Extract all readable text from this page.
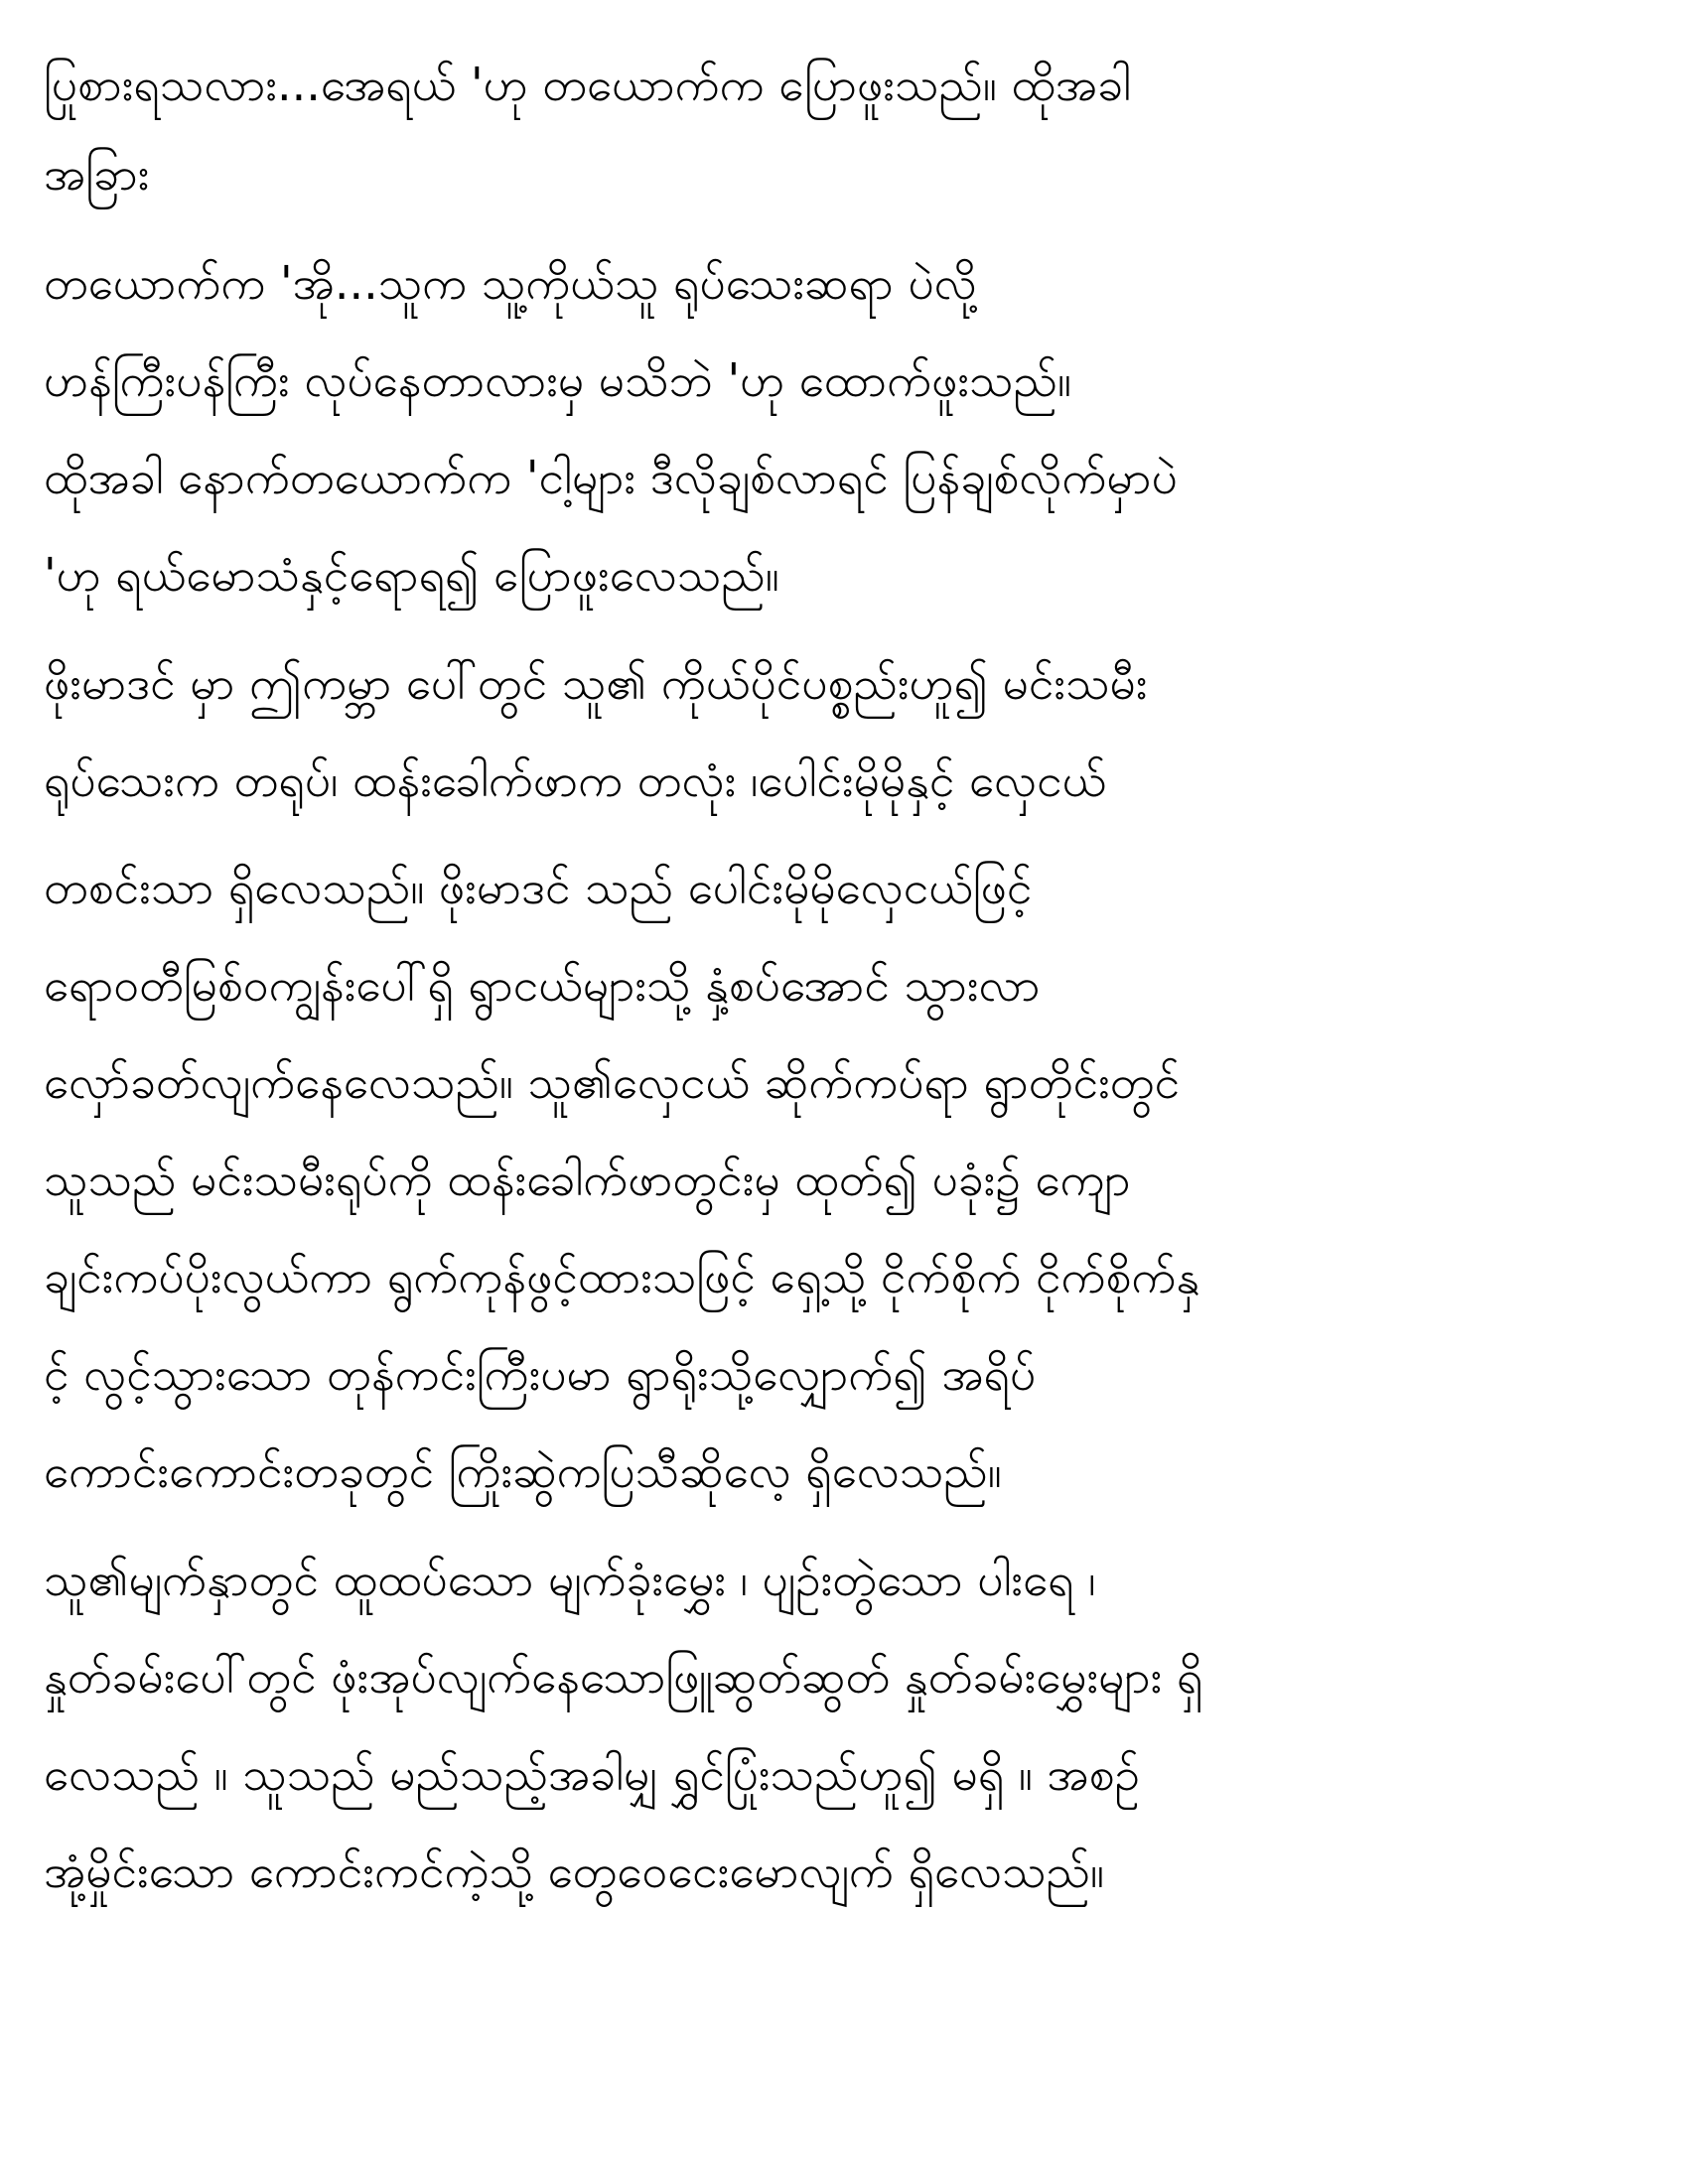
ပြုစားရသလား...အေရယ် 'ဟု တယောက်က ပြောဖူးသည်။ ထိုအခါ
အခြား
တယောက်က 'အို...သူက သူ့ကိုယ်သူ ရုပ်သေးဆရာ ပဲလို့
ဟန်ကြီးပန်ကြီး လုပ်နေတာလားမှ မသိဘဲ 'ဟု ထောက်ဖူးသည်။
ထိုအခါ နောက်တယောက်က 'ငါ့များ ဒီလိုချစ်လာရင် ပြန်ချစ်လိုက်မှာပဲ
'ဟု ရယ်မောသံနှင့်ရောရ၍ ပြောဖူးလေသည်။
ဖိုးမာဒင် မှာ ဤကမ္ဘာ ပေါ်တွင် သူ၏ ကိုယ်ပိုင်ပစ္စည်းဟူ၍ မင်းသမီး
ရုပ်သေးက တရုပ်၊ ထန်းခေါက်ဖာက တလုံး ၊ပေါင်းမိုမိုနှင့် လှေငယ်
တစင်းသာ ရှိလေသည်။ ဖိုးမာဒင် သည် ပေါင်းမိုမိုလှေငယ်ဖြင့်
ရောဝတီမြစ်ဝကျွန်းပေါ်ရှိ ရွာငယ်များသို့ နှံ့စပ်အောင် သွားလာ
လှော်ခတ်လျက်နေလေသည်။ သူ၏လှေငယ် ဆိုက်ကပ်ရာ ရွာတိုင်းတွင်
သူသည် မင်းသမီးရုပ်ကို ထန်းခေါက်ဖာတွင်းမှ ထုတ်၍ ပခုံး၌ ကျော
ချင်းကပ်ပိုးလွယ်ကာ ရွက်ကုန်ဖွင့်ထားသဖြင့် ရှေ့သို့ ငိုက်စိုက် ငိုက်စိုက်နှ
င့် လွင့်သွားသော တုန်ကင်းကြီးပမာ ရွာရိုးသို့လျှောက်၍ အရိပ်
ကောင်းကောင်းတခုတွင် ကြိုးဆွဲကပြသီဆိုလေ့ ရှိလေသည်။
သူ၏မျက်နှာတွင် ထူထပ်သော မျက်ခုံးမွှေး ၊ ပျဉ်းတွဲသော ပါးရေ ၊
နှုတ်ခမ်းပေါ်တွင် ဖုံးအုပ်လျက်နေသောဖြူဆွတ်ဆွတ် နှုတ်ခမ်းမွှေးများ ရှိ
လေသည် ။ သူသည် မည်သည့်အခါမျှ ရွှင်ပြုံးသည်ဟူ၍ မရှိ ။ အစဉ်
အုံ့မှိုင်းသော ကောင်းကင်ကဲ့သို့ တွေဝေငေးမောလျက် ရှိလေသည်။
